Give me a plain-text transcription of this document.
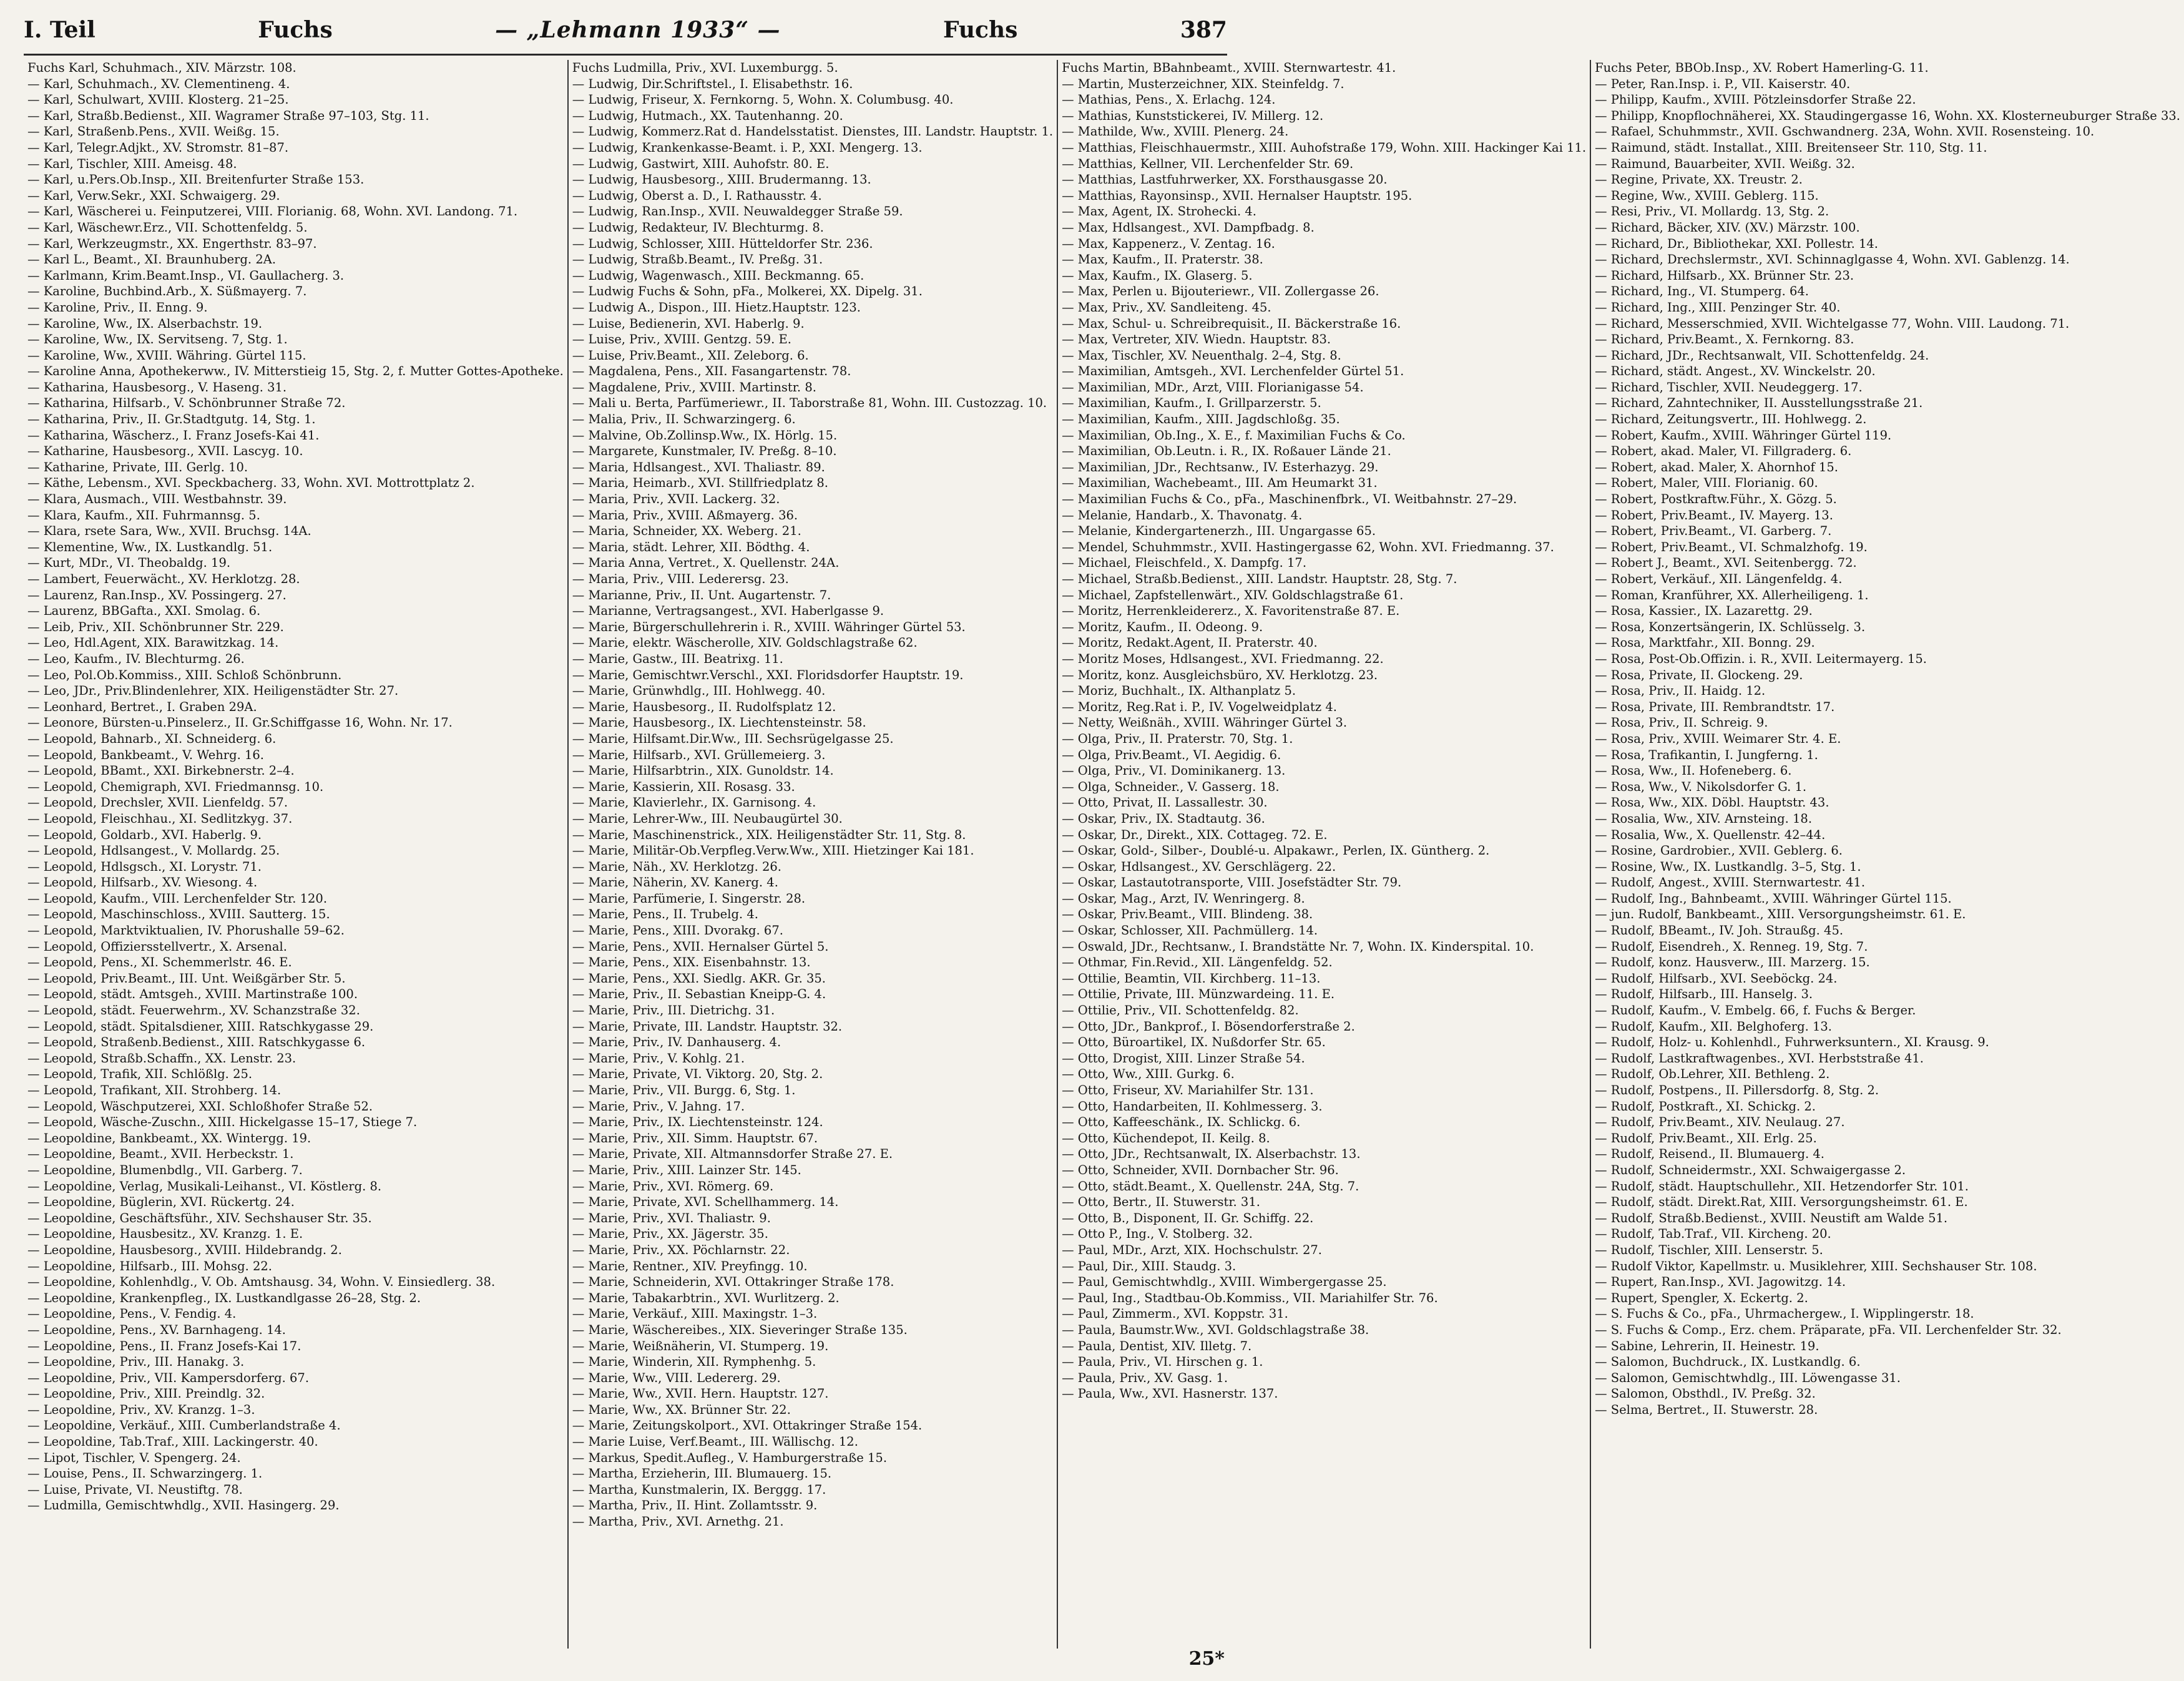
I. Teil	Fuchs	— „Lehmann 1933“ —	Fuchs	387
Fuchs Karl, Schuhmach., XIV. Märzstr. 108.
— Karl, Schuhmach., XV. Clementineng. 4.
— Karl, Schulwart, XVIII. Klosterg. 21–25.
— Karl, Straßb.Bedienst., XII. Wagramer Straße 97–103, Stg. 11.
— Karl, Straßenb.Pens., XVII. Weißg. 15.
— Karl, Telegr.Adjkt., XV. Stromstr. 81–87.
— Karl, Tischler, XIII. Ameisg. 48.
— Karl, u.Pers.Ob.Insp., XII. Breitenfurter Straße 153.
— Karl, Verw.Sekr., XXI. Schwaigerg. 29.
— Karl, Wäscherei u. Feinputzerei, VIII. Florianig. 68, Wohn. XVI. Landong. 71.
— Karl, Wäschewr.Erz., VII. Schottenfeldg. 5.
— Karl, Werkzeugmstr., XX. Engerthstr. 83–97.
— Karl L., Beamt., XI. Braunhuberg. 2A.
— Karlmann, Krim.Beamt.Insp., VI. Gaullacherg. 3.
— Karoline, Buchbind.Arb., X. Süßmayerg. 7.
— Karoline, Priv., II. Enng. 9.
— Karoline, Ww., IX. Alserbachstr. 19.
— Karoline, Ww., IX. Servitseng. 7, Stg. 1.
— Karoline, Ww., XVIII. Währing. Gürtel 115.
— Karoline Anna, Apothekerww., IV. Mitterstieig 15, Stg. 2, f. Mutter Gottes-Apotheke.
— Katharina, Hausbesorg., V. Haseng. 31.
— Katharina, Hilfsarb., V. Schönbrunner Straße 72.
— Katharina, Priv., II. Gr.Stadtgutg. 14, Stg. 1.
— Katharina, Wäscherz., I. Franz Josefs-Kai 41.
— Katharine, Hausbesorg., XVII. Lascyg. 10.
— Katharine, Private, III. Gerlg. 10.
— Käthe, Lebensm., XVI. Speckbacherg. 33, Wohn. XVI. Mottrottplatz 2.
— Klara, Ausmach., VIII. Westbahnstr. 39.
— Klara, Kaufm., XII. Fuhrmannsg. 5.
— Klara, rsete Sara, Ww., XVII. Bruchsg. 14A.
— Klementine, Ww., IX. Lustkandlg. 51.
— Kurt, MDr., VI. Theobaldg. 19.
— Lambert, Feuerwächt., XV. Herklotzg. 28.
— Laurenz, Ran.Insp., XV. Possingerg. 27.
— Laurenz, BBGafta., XXI. Smolag. 6.
— Leib, Priv., XII. Schönbrunner Str. 229.
— Leo, Hdl.Agent, XIX. Barawitzkag. 14.
— Leo, Kaufm., IV. Blechturmg. 26.
— Leo, Pol.Ob.Kommiss., XIII. Schloß Schönbrunn.
— Leo, JDr., Priv.Blindenlehrer, XIX. Heiligenstädter Str. 27.
— Leonhard, Bertret., I. Graben 29A.
— Leonore, Bürsten-u.Pinselerz., II. Gr.Schiffgasse 16, Wohn. Nr. 17.
— Leopold, Bahnarb., XI. Schneiderg. 6.
— Leopold, Bankbeamt., V. Wehrg. 16.
— Leopold, BBamt., XXI. Birkebnerstr. 2–4.
— Leopold, Chemigraph, XVI. Friedmannsg. 10.
— Leopold, Drechsler, XVII. Lienfeldg. 57.
— Leopold, Fleischhau., XI. Sedlitzkyg. 37.
— Leopold, Goldarb., XVI. Haberlg. 9.
— Leopold, Hdlsangest., V. Mollardg. 25.
— Leopold, Hdlsgsch., XI. Lorystr. 71.
— Leopold, Hilfsarb., XV. Wiesong. 4.
— Leopold, Kaufm., VIII. Lerchenfelder Str. 120.
— Leopold, Maschinschloss., XVIII. Sautterg. 15.
— Leopold, Marktviktualien, IV. Phorushalle 59–62.
— Leopold, Offiziersstellvertr., X. Arsenal.
— Leopold, Pens., XI. Schemmerlstr. 46. E.
— Leopold, Priv.Beamt., III. Unt. Weißgärber Str. 5.
— Leopold, städt. Amtsgeh., XVIII. Martinstraße 100.
— Leopold, städt. Feuerwehrm., XV. Schanzstraße 32.
— Leopold, städt. Spitalsdiener, XIII. Ratschkygasse 29.
— Leopold, Straßenb.Bedienst., XIII. Ratschkygasse 6.
— Leopold, Straßb.Schaffn., XX. Lenstr. 23.
— Leopold, Trafik, XII. Schlößlg. 25.
— Leopold, Trafikant, XII. Strohberg. 14.
— Leopold, Wäschputzerei, XXI. Schloßhofer Straße 52.
— Leopold, Wäsche-Zuschn., XIII. Hickelgasse 15–17, Stiege 7.
— Leopoldine, Bankbeamt., XX. Wintergg. 19.
— Leopoldine, Beamt., XVII. Herbeckstr. 1.
— Leopoldine, Blumenbdlg., VII. Garberg. 7.
— Leopoldine, Verlag, Musikali-Leihanst., VI. Köstlerg. 8.
— Leopoldine, Büglerin, XVI. Rückertg. 24.
— Leopoldine, Geschäftsführ., XIV. Sechshauser Str. 35.
— Leopoldine, Hausbesitz., XV. Kranzg. 1. E.
— Leopoldine, Hausbesorg., XVIII. Hildebrandg. 2.
— Leopoldine, Hilfsarb., III. Mohsg. 22.
— Leopoldine, Kohlenhdlg., V. Ob. Amtshausg. 34, Wohn. V. Einsiedlerg. 38.
— Leopoldine, Krankenpfleg., IX. Lustkandlgasse 26–28, Stg. 2.
— Leopoldine, Pens., V. Fendig. 4.
— Leopoldine, Pens., XV. Barnhageng. 14.
— Leopoldine, Pens., II. Franz Josefs-Kai 17.
— Leopoldine, Priv., III. Hanakg. 3.
— Leopoldine, Priv., VII. Kampersdorferg. 67.
— Leopoldine, Priv., XIII. Preindlg. 32.
— Leopoldine, Priv., XV. Kranzg. 1–3.
— Leopoldine, Verkäuf., XIII. Cumberlandstraße 4.
— Leopoldine, Tab.Traf., XIII. Lackingerstr. 40.
— Lipot, Tischler, V. Spengerg. 24.
— Louise, Pens., II. Schwarzingerg. 1.
— Luise, Private, VI. Neustiftg. 78.
— Ludmilla, Gemischtwhdlg., XVII. Hasingerg. 29.
Fuchs Ludmilla, Priv., XVI. Luxemburgg. 5.
— Ludwig, Dir.Schriftstel., I. Elisabethstr. 16.
— Ludwig, Friseur, X. Fernkorng. 5, Wohn. X. Columbusg. 40.
— Ludwig, Hutmach., XX. Tautenhanng. 20.
— Ludwig, Kommerz.Rat d. Handelsstatist. Dienstes, III. Landstr. Hauptstr. 1.
— Ludwig, Krankenkasse-Beamt. i. P., XXI. Mengerg. 13.
— Ludwig, Gastwirt, XIII. Auhofstr. 80. E.
— Ludwig, Hausbesorg., XIII. Brudermanng. 13.
— Ludwig, Oberst a. D., I. Rathausstr. 4.
— Ludwig, Ran.Insp., XVII. Neuwaldegger Straße 59.
— Ludwig, Redakteur, IV. Blechturmg. 8.
— Ludwig, Schlosser, XIII. Hütteldorfer Str. 236.
— Ludwig, Straßb.Beamt., IV. Preßg. 31.
— Ludwig, Wagenwasch., XIII. Beckmanng. 65.
— Ludwig Fuchs & Sohn, pFa., Molkerei, XX. Dipelg. 31.
— Ludwig A., Dispon., III. Hietz.Hauptstr. 123.
— Luise, Bedienerin, XVI. Haberlg. 9.
— Luise, Priv., XVIII. Gentzg. 59. E.
— Luise, Priv.Beamt., XII. Zeleborg. 6.
— Magdalena, Pens., XII. Fasangartenstr. 78.
— Magdalene, Priv., XVIII. Martinstr. 8.
— Mali u. Berta, Parfümeriewr., II. Taborstraße 81, Wohn. III. Custozzag. 10.
— Malia, Priv., II. Schwarzingerg. 6.
— Malvine, Ob.Zollinsp.Ww., IX. Hörlg. 15.
— Margarete, Kunstmaler, IV. Preßg. 8–10.
— Maria, Hdlsangest., XVI. Thaliastr. 89.
— Maria, Heimarb., XVI. Stillfriedplatz 8.
— Maria, Priv., XVII. Lackerg. 32.
— Maria, Priv., XVIII. Aßmayerg. 36.
— Maria, Schneider, XX. Weberg. 21.
— Maria, städt. Lehrer, XII. Bödthg. 4.
— Maria Anna, Vertret., X. Quellenstr. 24A.
— Maria, Priv., VIII. Lederersg. 23.
— Marianne, Priv., II. Unt. Augartenstr. 7.
— Marianne, Vertragsangest., XVI. Haberlgasse 9.
— Marie, Bürgerschullehrerin i. R., XVIII. Währinger Gürtel 53.
— Marie, elektr. Wäscherolle, XIV. Goldschlagstraße 62.
— Marie, Gastw., III. Beatrixg. 11.
— Marie, Gemischtwr.Verschl., XXI. Floridsdorfer Hauptstr. 19.
— Marie, Grünwhdlg., III. Hohlwegg. 40.
— Marie, Hausbesorg., II. Rudolfsplatz 12.
— Marie, Hausbesorg., IX. Liechtensteinstr. 58.
— Marie, Hilfsamt.Dir.Ww., III. Sechsrügelgasse 25.
— Marie, Hilfsarb., XVI. Grüllemeierg. 3.
— Marie, Hilfsarbtrin., XIX. Gunoldstr. 14.
— Marie, Kassierin, XII. Rosasg. 33.
— Marie, Klavierlehr., IX. Garnisong. 4.
— Marie, Lehrer-Ww., III. Neubaugürtel 30.
— Marie, Maschinenstrick., XIX. Heiligenstädter Str. 11, Stg. 8.
— Marie, Militär-Ob.Verpfleg.Verw.Ww., XIII. Hietzinger Kai 181.
— Marie, Näh., XV. Herklotzg. 26.
— Marie, Näherin, XV. Kanerg. 4.
— Marie, Parfümerie, I. Singerstr. 28.
— Marie, Pens., II. Trubelg. 4.
— Marie, Pens., XIII. Dvorakg. 67.
— Marie, Pens., XVII. Hernalser Gürtel 5.
— Marie, Pens., XIX. Eisenbahnstr. 13.
— Marie, Pens., XXI. Siedlg. AKR. Gr. 35.
— Marie, Priv., II. Sebastian Kneipp-G. 4.
— Marie, Priv., III. Dietrichg. 31.
— Marie, Private, III. Landstr. Hauptstr. 32.
— Marie, Priv., IV. Danhauserg. 4.
— Marie, Priv., V. Kohlg. 21.
— Marie, Private, VI. Viktorg. 20, Stg. 2.
— Marie, Priv., VII. Burgg. 6, Stg. 1.
— Marie, Priv., V. Jahng. 17.
— Marie, Priv., IX. Liechtensteinstr. 124.
— Marie, Priv., XII. Simm. Hauptstr. 67.
— Marie, Private, XII. Altmannsdorfer Straße 27. E.
— Marie, Priv., XIII. Lainzer Str. 145.
— Marie, Priv., XVI. Römerg. 69.
— Marie, Private, XVI. Schellhammerg. 14.
— Marie, Priv., XVI. Thaliastr. 9.
— Marie, Priv., XX. Jägerstr. 35.
— Marie, Priv., XX. Pöchlarnstr. 22.
— Marie, Rentner., XIV. Preyfingg. 10.
— Marie, Schneiderin, XVI. Ottakringer Straße 178.
— Marie, Tabakarbtrin., XVI. Wurlitzerg. 2.
— Marie, Verkäuf., XIII. Maxingstr. 1–3.
— Marie, Wäschereibes., XIX. Sieveringer Straße 135.
— Marie, Weißnäherin, VI. Stumperg. 19.
— Marie, Winderin, XII. Rymphenhg. 5.
— Marie, Ww., VIII. Ledererg. 29.
— Marie, Ww., XVII. Hern. Hauptstr. 127.
— Marie, Ww., XX. Brünner Str. 22.
— Marie, Zeitungskolport., XVI. Ottakringer Straße 154.
— Marie Luise, Verf.Beamt., III. Wällischg. 12.
— Markus, Spedit.Aufleg., V. Hamburgerstraße 15.
— Martha, Erzieherin, III. Blumauerg. 15.
— Martha, Kunstmalerin, IX. Berggg. 17.
— Martha, Priv., II. Hint. Zollamtsstr. 9.
— Martha, Priv., XVI. Arnethg. 21.
Fuchs Martin, BBahnbeamt., XVIII. Sternwartestr. 41.
— Martin, Musterzeichner, XIX. Steinfeldg. 7.
— Mathias, Pens., X. Erlachg. 124.
— Mathias, Kunststickerei, IV. Millerg. 12.
— Mathilde, Ww., XVIII. Plenerg. 24.
— Matthias, Fleischhauermstr., XIII. Auhofstraße 179, Wohn. XIII. Hackinger Kai 11.
— Matthias, Kellner, VII. Lerchenfelder Str. 69.
— Matthias, Lastfuhrwerker, XX. Forsthausgasse 20.
— Matthias, Rayonsinsp., XVII. Hernalser Hauptstr. 195.
— Max, Agent, IX. Strohecki. 4.
— Max, Hdlsangest., XVI. Dampfbadg. 8.
— Max, Kappenerz., V. Zentag. 16.
— Max, Kaufm., II. Praterstr. 38.
— Max, Kaufm., IX. Glaserg. 5.
— Max, Perlen u. Bijouteriewr., VII. Zollergasse 26.
— Max, Priv., XV. Sandleiteng. 45.
— Max, Schul- u. Schreibrequisit., II. Bäckerstraße 16.
— Max, Vertreter, XIV. Wiedn. Hauptstr. 83.
— Max, Tischler, XV. Neuenthalg. 2–4, Stg. 8.
— Maximilian, Amtsgeh., XVI. Lerchenfelder Gürtel 51.
— Maximilian, MDr., Arzt, VIII. Florianigasse 54.
— Maximilian, Kaufm., I. Grillparzerstr. 5.
— Maximilian, Kaufm., XIII. Jagdschloßg. 35.
— Maximilian, Ob.Ing., X. E., f. Maximilian Fuchs & Co.
— Maximilian, Ob.Leutn. i. R., IX. Roßauer Lände 21.
— Maximilian, JDr., Rechtsanw., IV. Esterhazyg. 29.
— Maximilian, Wachebeamt., III. Am Heumarkt 31.
— Maximilian Fuchs & Co., pFa., Maschinenfbrk., VI. Weitbahnstr. 27–29.
— Melanie, Handarb., X. Thavonatg. 4.
— Melanie, Kindergartenerzh., III. Ungargasse 65.
— Mendel, Schuhmmstr., XVII. Hastingergasse 62, Wohn. XVI. Friedmanng. 37.
— Michael, Fleischfeld., X. Dampfg. 17.
— Michael, Straßb.Bedienst., XIII. Landstr. Hauptstr. 28, Stg. 7.
— Michael, Zapfstellenwärt., XIV. Goldschlagstraße 61.
— Moritz, Herrenkleidererz., X. Favoritenstraße 87. E.
— Moritz, Kaufm., II. Odeong. 9.
— Moritz, Redakt.Agent, II. Praterstr. 40.
— Moritz Moses, Hdlsangest., XVI. Friedmanng. 22.
— Moritz, konz. Ausgleichsbüro, XV. Herklotzg. 23.
— Moriz, Buchhalt., IX. Althanplatz 5.
— Moritz, Reg.Rat i. P., IV. Vogelweidplatz 4.
— Netty, Weißnäh., XVIII. Währinger Gürtel 3.
— Olga, Priv., II. Praterstr. 70, Stg. 1.
— Olga, Priv.Beamt., VI. Aegidig. 6.
— Olga, Priv., VI. Dominikanerg. 13.
— Olga, Schneider., V. Gasserg. 18.
— Otto, Privat, II. Lassallestr. 30.
— Oskar, Priv., IX. Stadtautg. 36.
— Oskar, Dr., Direkt., XIX. Cottageg. 72. E.
— Oskar, Gold-, Silber-, Doublé-u. Alpakawr., Perlen, IX. Güntherg. 2.
— Oskar, Hdlsangest., XV. Gerschlägerg. 22.
— Oskar, Lastautotransporte, VIII. Josefstädter Str. 79.
— Oskar, Mag., Arzt, IV. Wenringerg. 8.
— Oskar, Priv.Beamt., VIII. Blindeng. 38.
— Oskar, Schlosser, XII. Pachmüllerg. 14.
— Oswald, JDr., Rechtsanw., I. Brandstätte Nr. 7, Wohn. IX. Kinderspital. 10.
— Othmar, Fin.Revid., XII. Längenfeldg. 52.
— Ottilie, Beamtin, VII. Kirchberg. 11–13.
— Ottilie, Private, III. Münzwardeing. 11. E.
— Ottilie, Priv., VII. Schottenfeldg. 82.
— Otto, JDr., Bankprof., I. Bösendorferstraße 2.
— Otto, Büroartikel, IX. Nußdorfer Str. 65.
— Otto, Drogist, XIII. Linzer Straße 54.
— Otto, Ww., XIII. Gurkg. 6.
— Otto, Friseur, XV. Mariahilfer Str. 131.
— Otto, Handarbeiten, II. Kohlmesserg. 3.
— Otto, Kaffeeschänk., IX. Schlickg. 6.
— Otto, Küchendepot, II. Keilg. 8.
— Otto, JDr., Rechtsanwalt, IX. Alserbachstr. 13.
— Otto, Schneider, XVII. Dornbacher Str. 96.
— Otto, städt.Beamt., X. Quellenstr. 24A, Stg. 7.
— Otto, Bertr., II. Stuwerstr. 31.
— Otto, B., Disponent, II. Gr. Schiffg. 22.
— Otto P., Ing., V. Stolberg. 32.
— Paul, MDr., Arzt, XIX. Hochschulstr. 27.
— Paul, Dir., XIII. Staudg. 3.
— Paul, Gemischtwhdlg., XVIII. Wimbergergasse 25.
— Paul, Ing., Stadtbau-Ob.Kommiss., VII. Mariahilfer Str. 76.
— Paul, Zimmerm., XVI. Koppstr. 31.
— Paula, Baumstr.Ww., XVI. Goldschlagstraße 38.
— Paula, Dentist, XIV. Illetg. 7.
— Paula, Priv., VI. Hirschen g. 1.
— Paula, Priv., XV. Gasg. 1.
— Paula, Ww., XVI. Hasnerstr. 137.
Fuchs Peter, BBOb.Insp., XV. Robert Hamerling-G. 11.
— Peter, Ran.Insp. i. P., VII. Kaiserstr. 40.
— Philipp, Kaufm., XVIII. Pötzleinsdorfer Straße 22.
— Philipp, Knopflochnäherei, XX. Staudingergasse 16, Wohn. XX. Klosterneuburger Straße 33.
— Rafael, Schuhmmstr., XVII. Gschwandnerg. 23A, Wohn. XVII. Rosensteing. 10.
— Raimund, städt. Installat., XIII. Breitenseer Str. 110, Stg. 11.
— Raimund, Bauarbeiter, XVII. Weißg. 32.
— Regine, Private, XX. Treustr. 2.
— Regine, Ww., XVIII. Geblerg. 115.
— Resi, Priv., VI. Mollardg. 13, Stg. 2.
— Richard, Bäcker, XIV. (XV.) Märzstr. 100.
— Richard, Dr., Bibliothekar, XXI. Pollestr. 14.
— Richard, Drechslermstr., XVI. Schinnaglgasse 4, Wohn. XVI. Gablenzg. 14.
— Richard, Hilfsarb., XX. Brünner Str. 23.
— Richard, Ing., VI. Stumperg. 64.
— Richard, Ing., XIII. Penzinger Str. 40.
— Richard, Messerschmied, XVII. Wichtelgasse 77, Wohn. VIII. Laudong. 71.
— Richard, Priv.Beamt., X. Fernkorng. 83.
— Richard, JDr., Rechtsanwalt, VII. Schottenfeldg. 24.
— Richard, städt. Angest., XV. Winckelstr. 20.
— Richard, Tischler, XVII. Neudeggerg. 17.
— Richard, Zahntechniker, II. Ausstellungsstraße 21.
— Richard, Zeitungsvertr., III. Hohlwegg. 2.
— Robert, Kaufm., XVIII. Währinger Gürtel 119.
— Robert, akad. Maler, VI. Fillgraderg. 6.
— Robert, akad. Maler, X. Ahornhof 15.
— Robert, Maler, VIII. Florianig. 60.
— Robert, Postkraftw.Führ., X. Gözg. 5.
— Robert, Priv.Beamt., IV. Mayerg. 13.
— Robert, Priv.Beamt., VI. Garberg. 7.
— Robert, Priv.Beamt., VI. Schmalzhofg. 19.
— Robert J., Beamt., XVI. Seitenbergg. 72.
— Robert, Verkäuf., XII. Längenfeldg. 4.
— Roman, Kranführer, XX. Allerheiligeng. 1.
— Rosa, Kassier., IX. Lazarettg. 29.
— Rosa, Konzertsängerin, IX. Schlüsselg. 3.
— Rosa, Marktfahr., XII. Bonng. 29.
— Rosa, Post-Ob.Offizin. i. R., XVII. Leitermayerg. 15.
— Rosa, Private, II. Glockeng. 29.
— Rosa, Priv., II. Haidg. 12.
— Rosa, Private, III. Rembrandtstr. 17.
— Rosa, Priv., II. Schreig. 9.
— Rosa, Priv., XVIII. Weimarer Str. 4. E.
— Rosa, Trafikantin, I. Jungferng. 1.
— Rosa, Ww., II. Hofeneberg. 6.
— Rosa, Ww., V. Nikolsdorfer G. 1.
— Rosa, Ww., XIX. Döbl. Hauptstr. 43.
— Rosalia, Ww., XIV. Arnsteing. 18.
— Rosalia, Ww., X. Quellenstr. 42–44.
— Rosine, Gardrobier., XVII. Geblerg. 6.
— Rosine, Ww., IX. Lustkandlg. 3–5, Stg. 1.
— Rudolf, Angest., XVIII. Sternwartestr. 41.
— Rudolf, Ing., Bahnbeamt., XVIII. Währinger Gürtel 115.
— jun. Rudolf, Bankbeamt., XIII. Versorgungsheimstr. 61. E.
— Rudolf, BBeamt., IV. Joh. Straußg. 45.
— Rudolf, Eisendreh., X. Renneg. 19, Stg. 7.
— Rudolf, konz. Hausverw., III. Marzerg. 15.
— Rudolf, Hilfsarb., XVI. Seeböckg. 24.
— Rudolf, Hilfsarb., III. Hanselg. 3.
— Rudolf, Kaufm., V. Embelg. 66, f. Fuchs & Berger.
— Rudolf, Kaufm., XII. Belghoferg. 13.
— Rudolf, Holz- u. Kohlenhdl., Fuhrwerksuntern., XI. Krausg. 9.
— Rudolf, Lastkraftwagenbes., XVI. Herbststraße 41.
— Rudolf, Ob.Lehrer, XII. Bethleng. 2.
— Rudolf, Postpens., II. Pillersdorfg. 8, Stg. 2.
— Rudolf, Postkraft., XI. Schickg. 2.
— Rudolf, Priv.Beamt., XIV. Neulaug. 27.
— Rudolf, Priv.Beamt., XII. Erlg. 25.
— Rudolf, Reisend., II. Blumauerg. 4.
— Rudolf, Schneidermstr., XXI. Schwaigergasse 2.
— Rudolf, städt. Hauptschullehr., XII. Hetzendorfer Str. 101.
— Rudolf, städt. Direkt.Rat, XIII. Versorgungsheimstr. 61. E.
— Rudolf, Straßb.Bedienst., XVIII. Neustift am Walde 51.
— Rudolf, Tab.Traf., VII. Kircheng. 20.
— Rudolf, Tischler, XIII. Lenserstr. 5.
— Rudolf Viktor, Kapellmstr. u. Musiklehrer, XIII. Sechshauser Str. 108.
— Rupert, Ran.Insp., XVI. Jagowitzg. 14.
— Rupert, Spengler, X. Eckertg. 2.
— S. Fuchs & Co., pFa., Uhrmachergew., I. Wipplingerstr. 18.
— S. Fuchs & Comp., Erz. chem. Präparate, pFa. VII. Lerchenfelder Str. 32.
— Sabine, Lehrerin, II. Heinestr. 19.
— Salomon, Buchdruck., IX. Lustkandlg. 6.
— Salomon, Gemischtwhdlg., III. Löwengasse 31.
— Salomon, Obsthdl., IV. Preßg. 32.
— Selma, Bertret., II. Stuwerstr. 28.
25*
